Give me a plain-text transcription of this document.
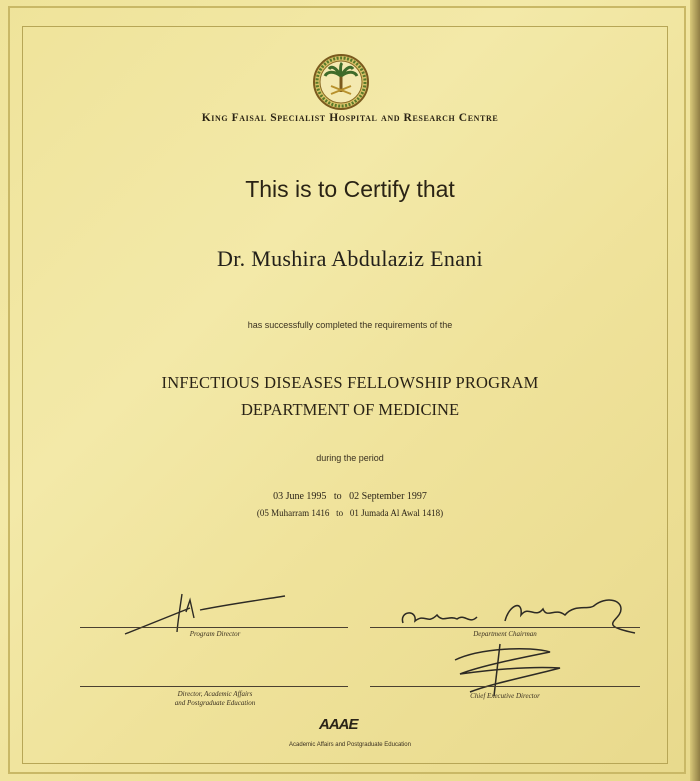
King Faisal Specialist Hospital and Research Centre
This is to Certify that
Dr. Mushira Abdulaziz Enani
has successfully completed the requirements of the
INFECTIOUS DISEASES FELLOWSHIP PROGRAM
DEPARTMENT OF MEDICINE
during the period
03 June 1995   to   02 September 1997
(05 Muharram 1416   to   01 Jumada Al Awal 1418)
Program Director	Department Chairman
Director, Academic Affairs
and Postgraduate Education
Chief Executive Director
AAAE
Academic Affairs and Postgraduate Education
